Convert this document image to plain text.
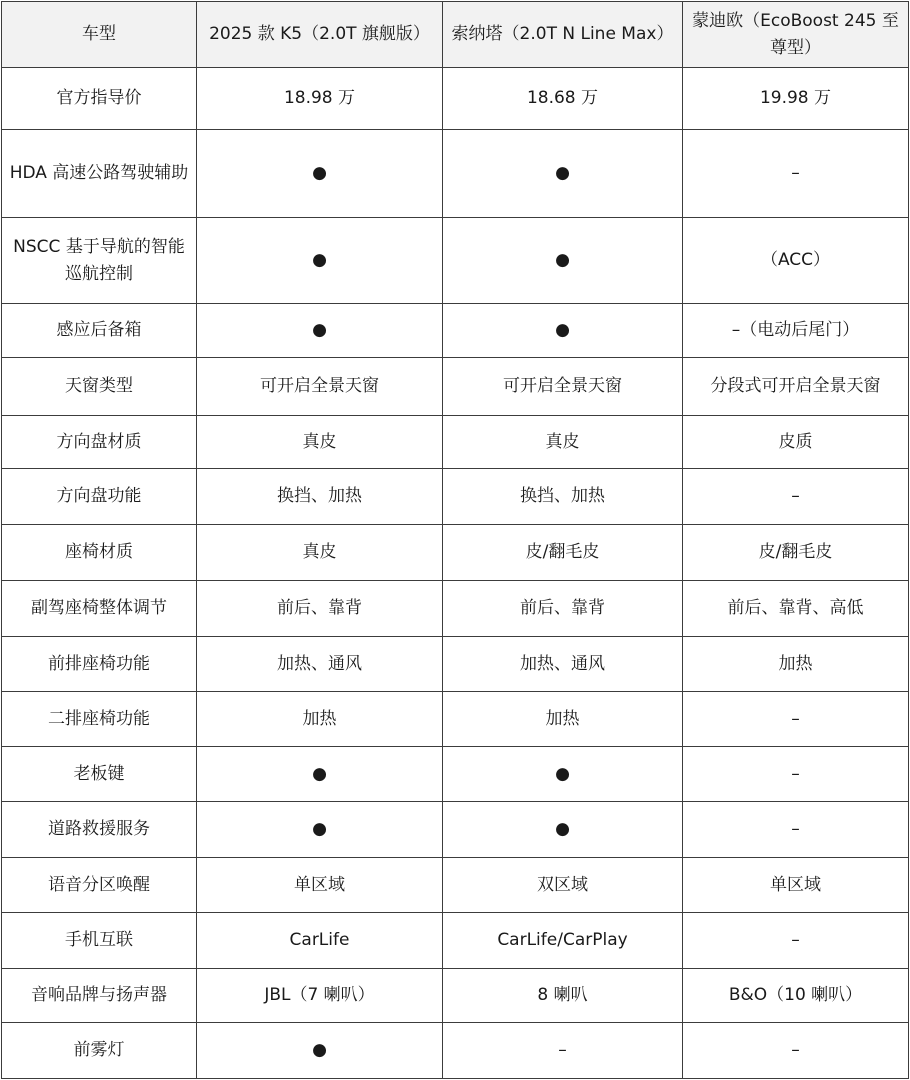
车型	2025 款 K5（2.0T 旗舰版）	索纳塔（2.0T N Line Max）	蒙迪欧（EcoBoost 245 至尊型）
官方指导价	18.98 万	18.68 万	19.98 万
HDA 高速公路驾驶辅助	●	●	–
NSCC 基于导航的智能巡航控制	●	●	（ACC）
感应后备箱	●	●	–（电动后尾门）
天窗类型	可开启全景天窗	可开启全景天窗	分段式可开启全景天窗
方向盘材质	真皮	真皮	皮质
方向盘功能	换挡、加热	换挡、加热	–
座椅材质	真皮	皮/翻毛皮	皮/翻毛皮
副驾座椅整体调节	前后、靠背	前后、靠背	前后、靠背、高低
前排座椅功能	加热、通风	加热、通风	加热
二排座椅功能	加热	加热	–
老板键	●	●	–
道路救援服务	●	●	–
语音分区唤醒	单区域	双区域	单区域
手机互联	CarLife	CarLife/CarPlay	–
音响品牌与扬声器	JBL（7 喇叭）	8 喇叭	B&O（10 喇叭）
前雾灯	●	–	–
